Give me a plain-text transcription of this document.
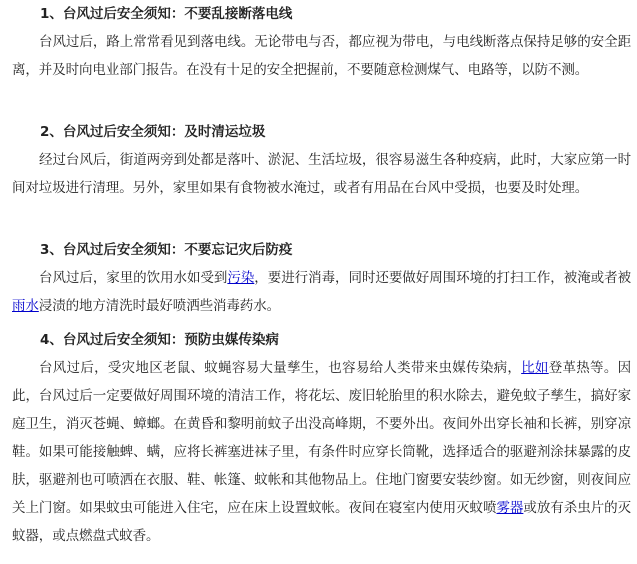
1、台风过后安全须知：不要乱接断落电线

台风过后，路上常常看见到落电线。无论带电与否，都应视为带电，与电线断落点保持足够的安全距离，并及时向电业部门报告。在没有十足的安全把握前，不要随意检测煤气、电路等，以防不测。

2、台风过后安全须知：及时清运垃圾

经过台风后，街道两旁到处都是落叶、淤泥、生活垃圾，很容易滋生各种疫病，此时，大家应第一时间对垃圾进行清理。另外，家里如果有食物被水淹过，或者有用品在台风中受损，也要及时处理。

3、台风过后安全须知：不要忘记灾后防疫

台风过后，家里的饮用水如受到污染，要进行消毒，同时还要做好周围环境的打扫工作，被淹或者被雨水浸渍的地方清洗时最好喷洒些消毒药水。

4、台风过后安全须知：预防虫媒传染病

台风过后，受灾地区老鼠、蚊蝇容易大量孳生，也容易给人类带来虫媒传染病，比如登革热等。因此，台风过后一定要做好周围环境的清洁工作，将花坛、废旧轮胎里的积水除去，避免蚊子孳生，搞好家庭卫生，消灭苍蝇、蟑螂。在黄昏和黎明前蚊子出没高峰期，不要外出。夜间外出穿长袖和长裤，别穿凉鞋。如果可能接触蜱、螨，应将长裤塞进袜子里，有条件时应穿长筒靴，选择适合的驱避剂涂抹暴露的皮肤，驱避剂也可喷洒在衣服、鞋、帐篷、蚊帐和其他物品上。住地门窗要安装纱窗。如无纱窗，则夜间应关上门窗。如果蚊虫可能进入住宅，应在床上设置蚊帐。夜间在寝室内使用灭蚊喷雾器或放有杀虫片的灭蚊器，或点燃盘式蚊香。
